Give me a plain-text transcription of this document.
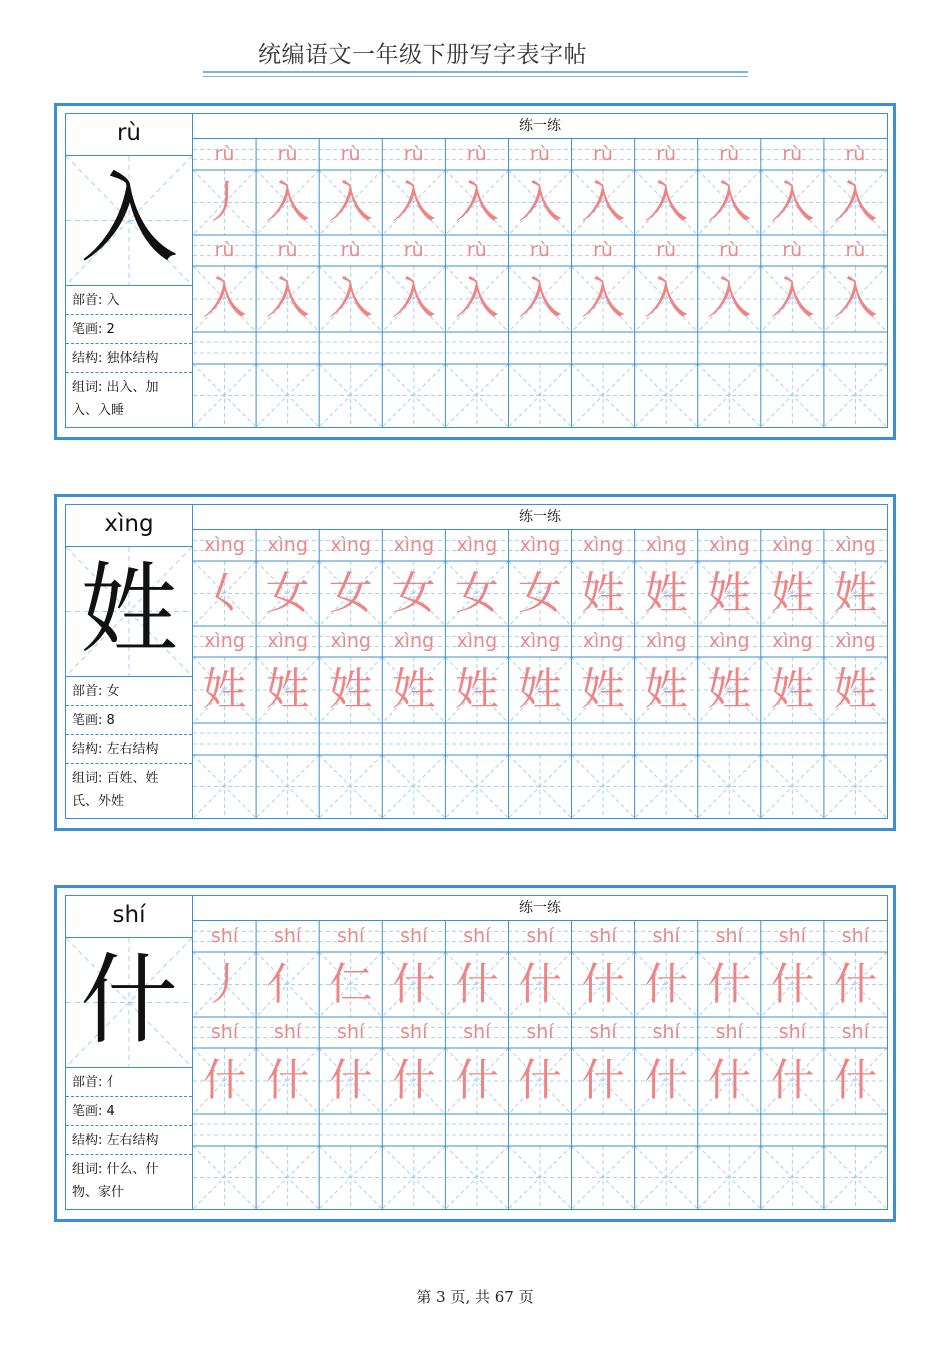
统编语文一年级下册写字表字帖
rù
入
部首: 入
笔画: 2
结构: 独体结构
组词: 出入、加
入、入睡
练一练
rù
丿
rù
入
rù
入
rù
入
rù
入
rù
入
rù
入
rù
入
rù
入
rù
入
rù
入
rù
入
rù
入
rù
入
rù
入
rù
入
rù
入
rù
入
rù
入
rù
入
rù
入
rù
入
xìng
姓
部首: 女
笔画: 8
结构: 左右结构
组词: 百姓、姓
氏、外姓
练一练
xìng
𡿨
xìng
女
xìng
女
xìng
女
xìng
女
xìng
女
xìng
姓
xìng
姓
xìng
姓
xìng
姓
xìng
姓
xìng
姓
xìng
姓
xìng
姓
xìng
姓
xìng
姓
xìng
姓
xìng
姓
xìng
姓
xìng
姓
xìng
姓
xìng
姓
shí
什
部首: 亻
笔画: 4
结构: 左右结构
组词: 什么、什
物、家什
练一练
shí
丿
shí
亻
shí
仁
shí
什
shí
什
shí
什
shí
什
shí
什
shí
什
shí
什
shí
什
shí
什
shí
什
shí
什
shí
什
shí
什
shí
什
shí
什
shí
什
shí
什
shí
什
shí
什
第 3 页, 共 67 页
